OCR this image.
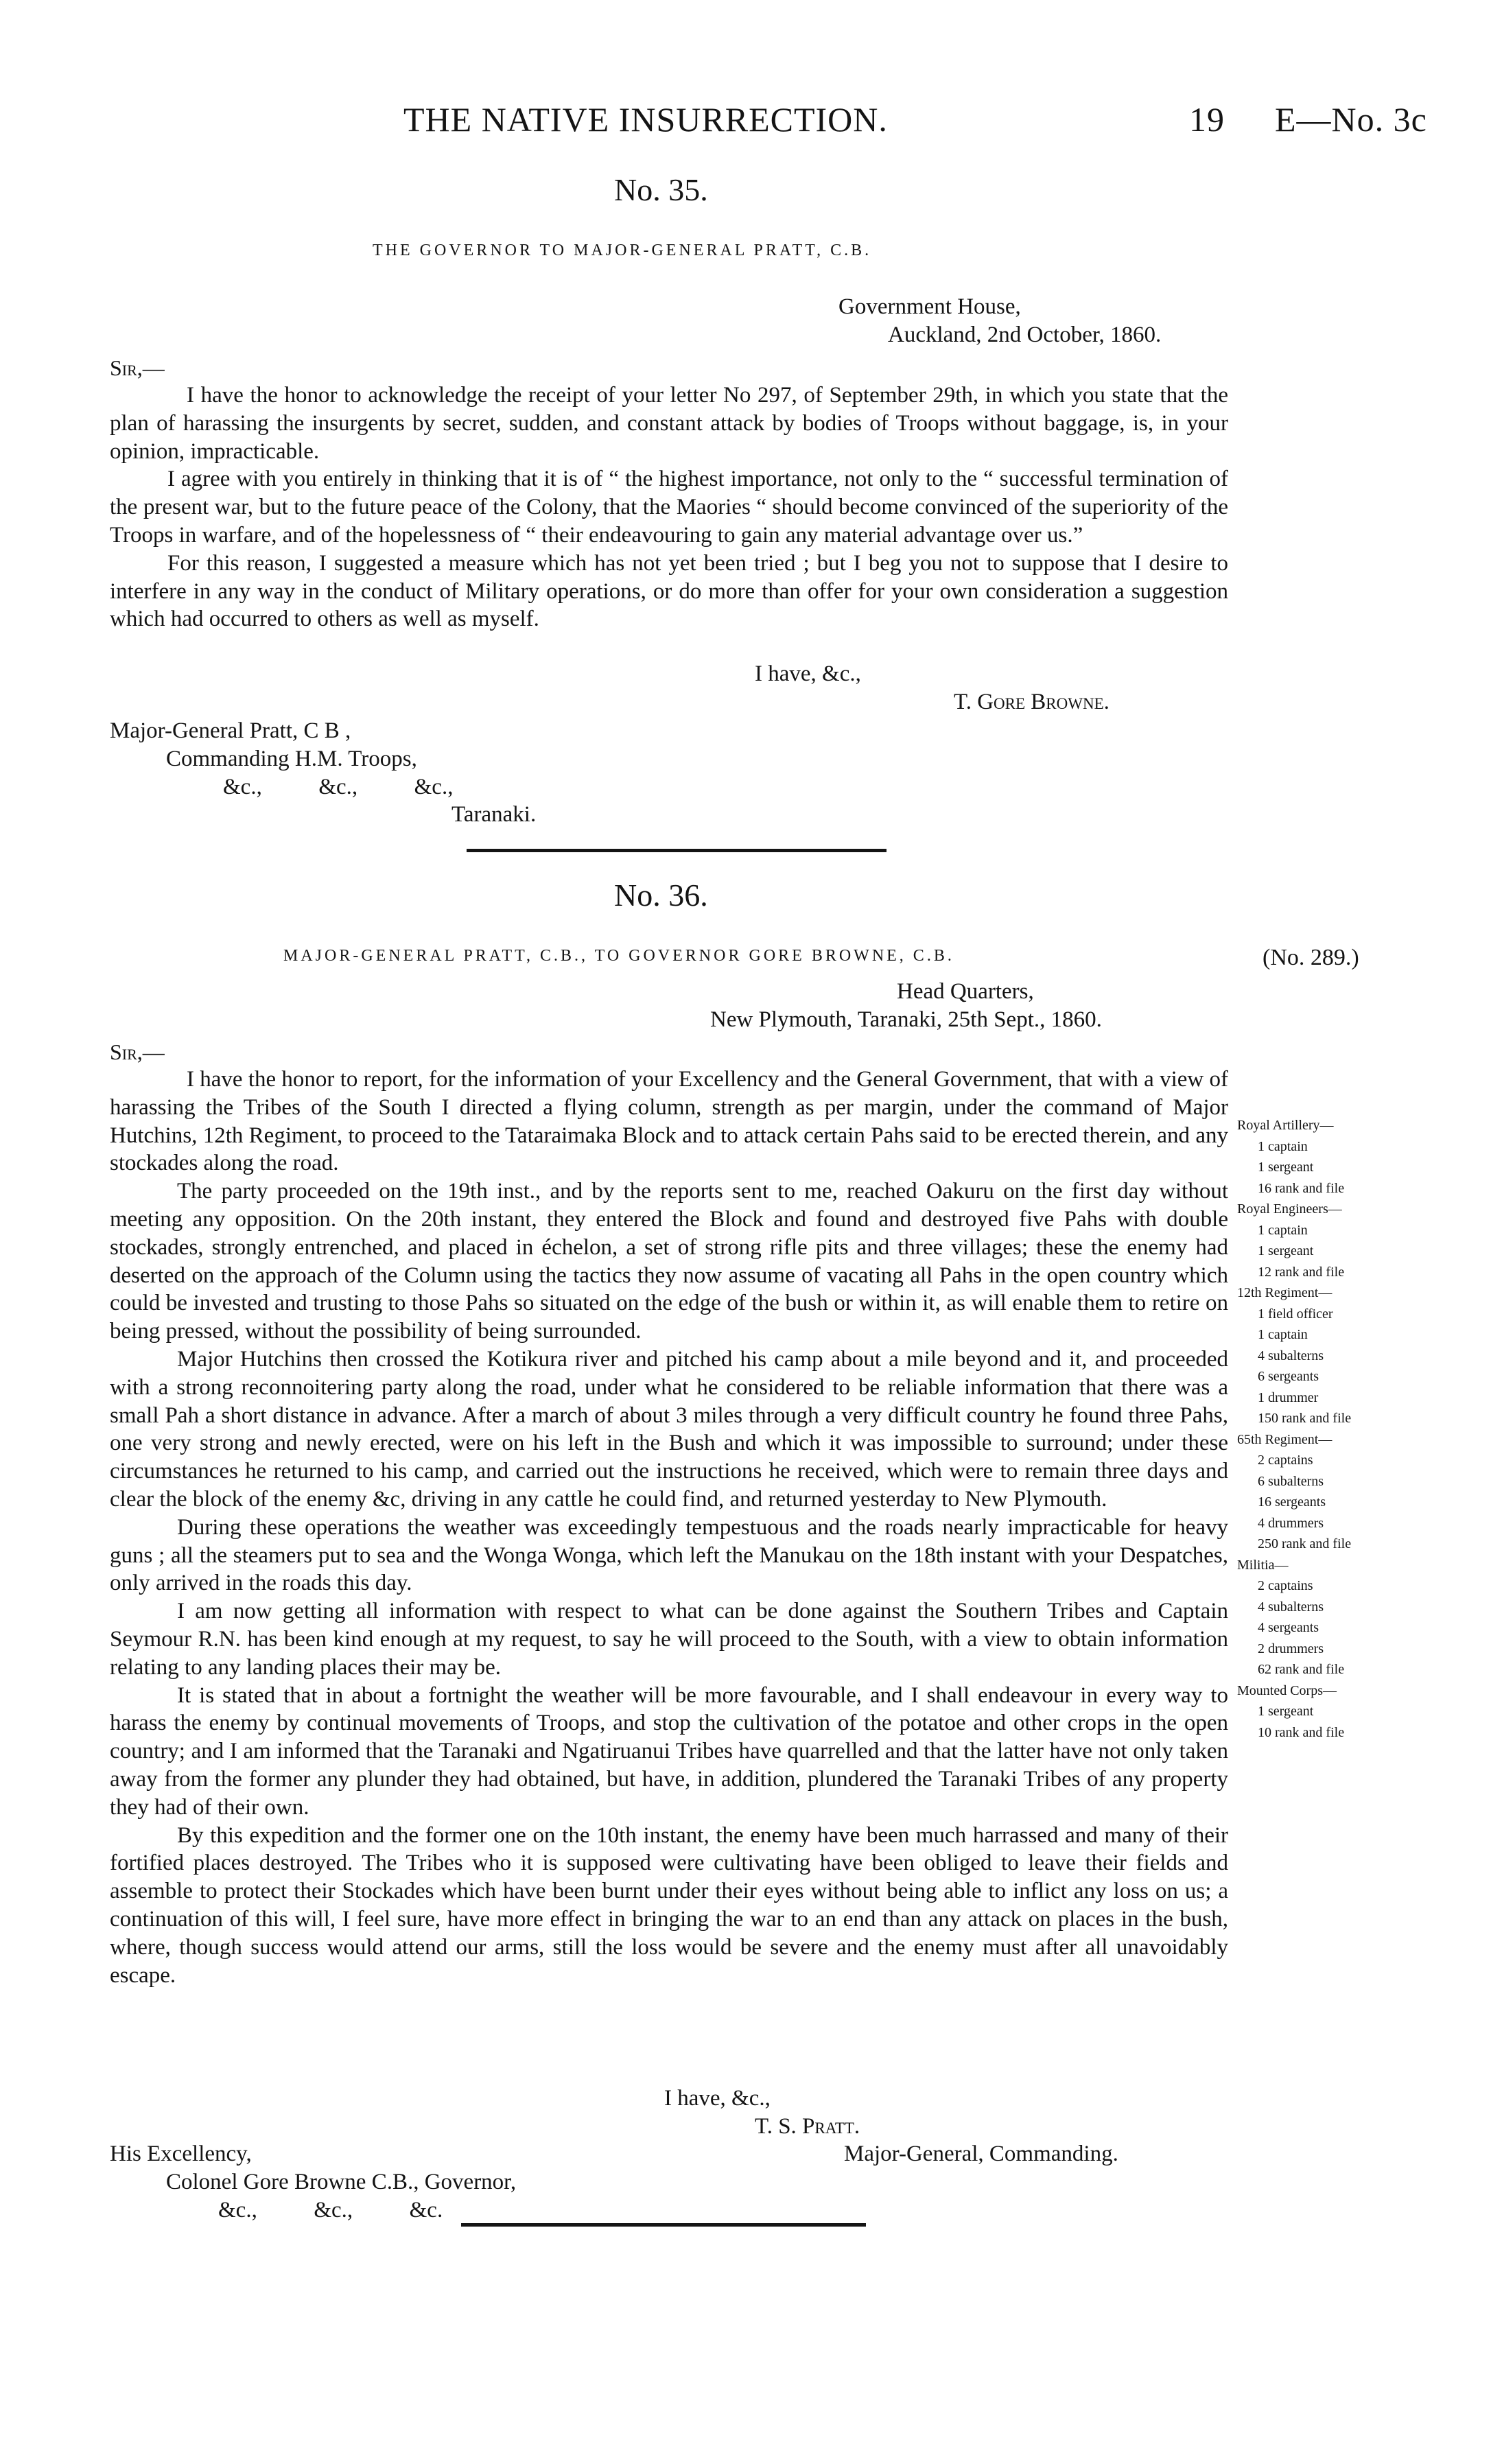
THE NATIVE INSURRECTION.	19 E—No. 3c
No. 35.
THE GOVERNOR TO MAJOR-GENERAL PRATT, C.B.
Government House,
Auckland, 2nd October, 1860.
Sir,—

I have the honor to acknowledge the receipt of your letter No 297, of September 29th, in which you state that the plan of harassing the insurgents by secret, sudden, and constant attack by bodies of Troops without baggage, is, in your opinion, impracticable.

I agree with you entirely in thinking that it is of “ the highest importance, not only to the “ successful termination of the present war, but to the future peace of the Colony, that the Maories “ should become convinced of the superiority of the Troops in warfare, and of the hopelessness of “ their endeavouring to gain any material advantage over us.”

For this reason, I suggested a measure which has not yet been tried ; but I beg you not to suppose that I desire to interfere in any way in the conduct of Military operations, or do more than offer for your own consideration a suggestion which had occurred to others as well as myself.

I have, &c.,
T. Gore Browne.
Major-General Pratt, C B ,
Commanding H.M. Troops,
&c.,          &c.,          &c.,
Taranaki.
No. 36.
MAJOR-GENERAL PRATT, C.B., TO GOVERNOR GORE BROWNE, C.B.	(No. 289.)
Head Quarters,
New Plymouth, Taranaki, 25th Sept., 1860.
Sir,—

I have the honor to report, for the information of your Excellency and the General Government, that with a view of harassing the Tribes of the South I directed a flying column, strength as per margin, under the command of Major Hutchins, 12th Regiment, to proceed to the Tataraimaka Block and to attack certain Pahs said to be erected therein, and any stockades along the road.

The party proceeded on the 19th inst., and by the reports sent to me, reached Oakuru on the first day without meeting any opposition. On the 20th instant, they entered the Block and found and destroyed five Pahs with double stockades, strongly entrenched, and placed in échelon, a set of strong rifle pits and three villages; these the enemy had deserted on the approach of the Column using the tactics they now assume of vacating all Pahs in the open country which could be invested and trusting to those Pahs so situated on the edge of the bush or within it, as will enable them to retire on being pressed, without the possibility of being surrounded.

Major Hutchins then crossed the Kotikura river and pitched his camp about a mile beyond and it, and proceeded with a strong reconnoitering party along the road, under what he considered to be reliable information that there was a small Pah a short distance in advance. After a march of about 3 miles through a very difficult country he found three Pahs, one very strong and newly erected, were on his left in the Bush and which it was impossible to surround; under these circumstances he returned to his camp, and carried out the instructions he received, which were to remain three days and clear the block of the enemy &c, driving in any cattle he could find, and returned yesterday to New Plymouth.

During these operations the weather was exceedingly tempestuous and the roads nearly impracticable for heavy guns ; all the steamers put to sea and the Wonga Wonga, which left the Manukau on the 18th instant with your Despatches, only arrived in the roads this day.

I am now getting all information with respect to what can be done against the Southern Tribes and Captain Seymour R.N. has been kind enough at my request, to say he will proceed to the South, with a view to obtain information relating to any landing places their may be.

It is stated that in about a fortnight the weather will be more favourable, and I shall endeavour in every way to harass the enemy by continual movements of Troops, and stop the cultivation of the potatoe and other crops in the open country; and I am informed that the Taranaki and Ngatiruanui Tribes have quarrelled and that the latter have not only taken away from the former any plunder they had obtained, but have, in addition, plundered the Taranaki Tribes of any property they had of their own.

By this expedition and the former one on the 10th instant, the enemy have been much harrassed and many of their fortified places destroyed. The Tribes who it is supposed were cultivating have been obliged to leave their fields and assemble to protect their Stockades which have been burnt under their eyes without being able to inflict any loss on us; a continuation of this will, I feel sure, have more effect in bringing the war to an end than any attack on places in the bush, where, though success would attend our arms, still the loss would be severe and the enemy must after all unavoidably escape.

Royal Artillery—
1 captain
1 sergeant
16 rank and file
Royal Engineers—
1 captain
1 sergeant
12 rank and file
12th Regiment—
1 field officer
1 captain
4 subalterns
6 sergeants
1 drummer
150 rank and file
65th Regiment—
2 captains
6 subalterns
16 sergeants
4 drummers
250 rank and file
Militia—
2 captains
4 subalterns
4 sergeants
2 drummers
62 rank and file
Mounted Corps—
1 sergeant
10 rank and file
I have, &c.,
T. S. Pratt.
Major-General, Commanding.
His Excellency,
Colonel Gore Browne C.B., Governor,
&c.,          &c.,          &c.
